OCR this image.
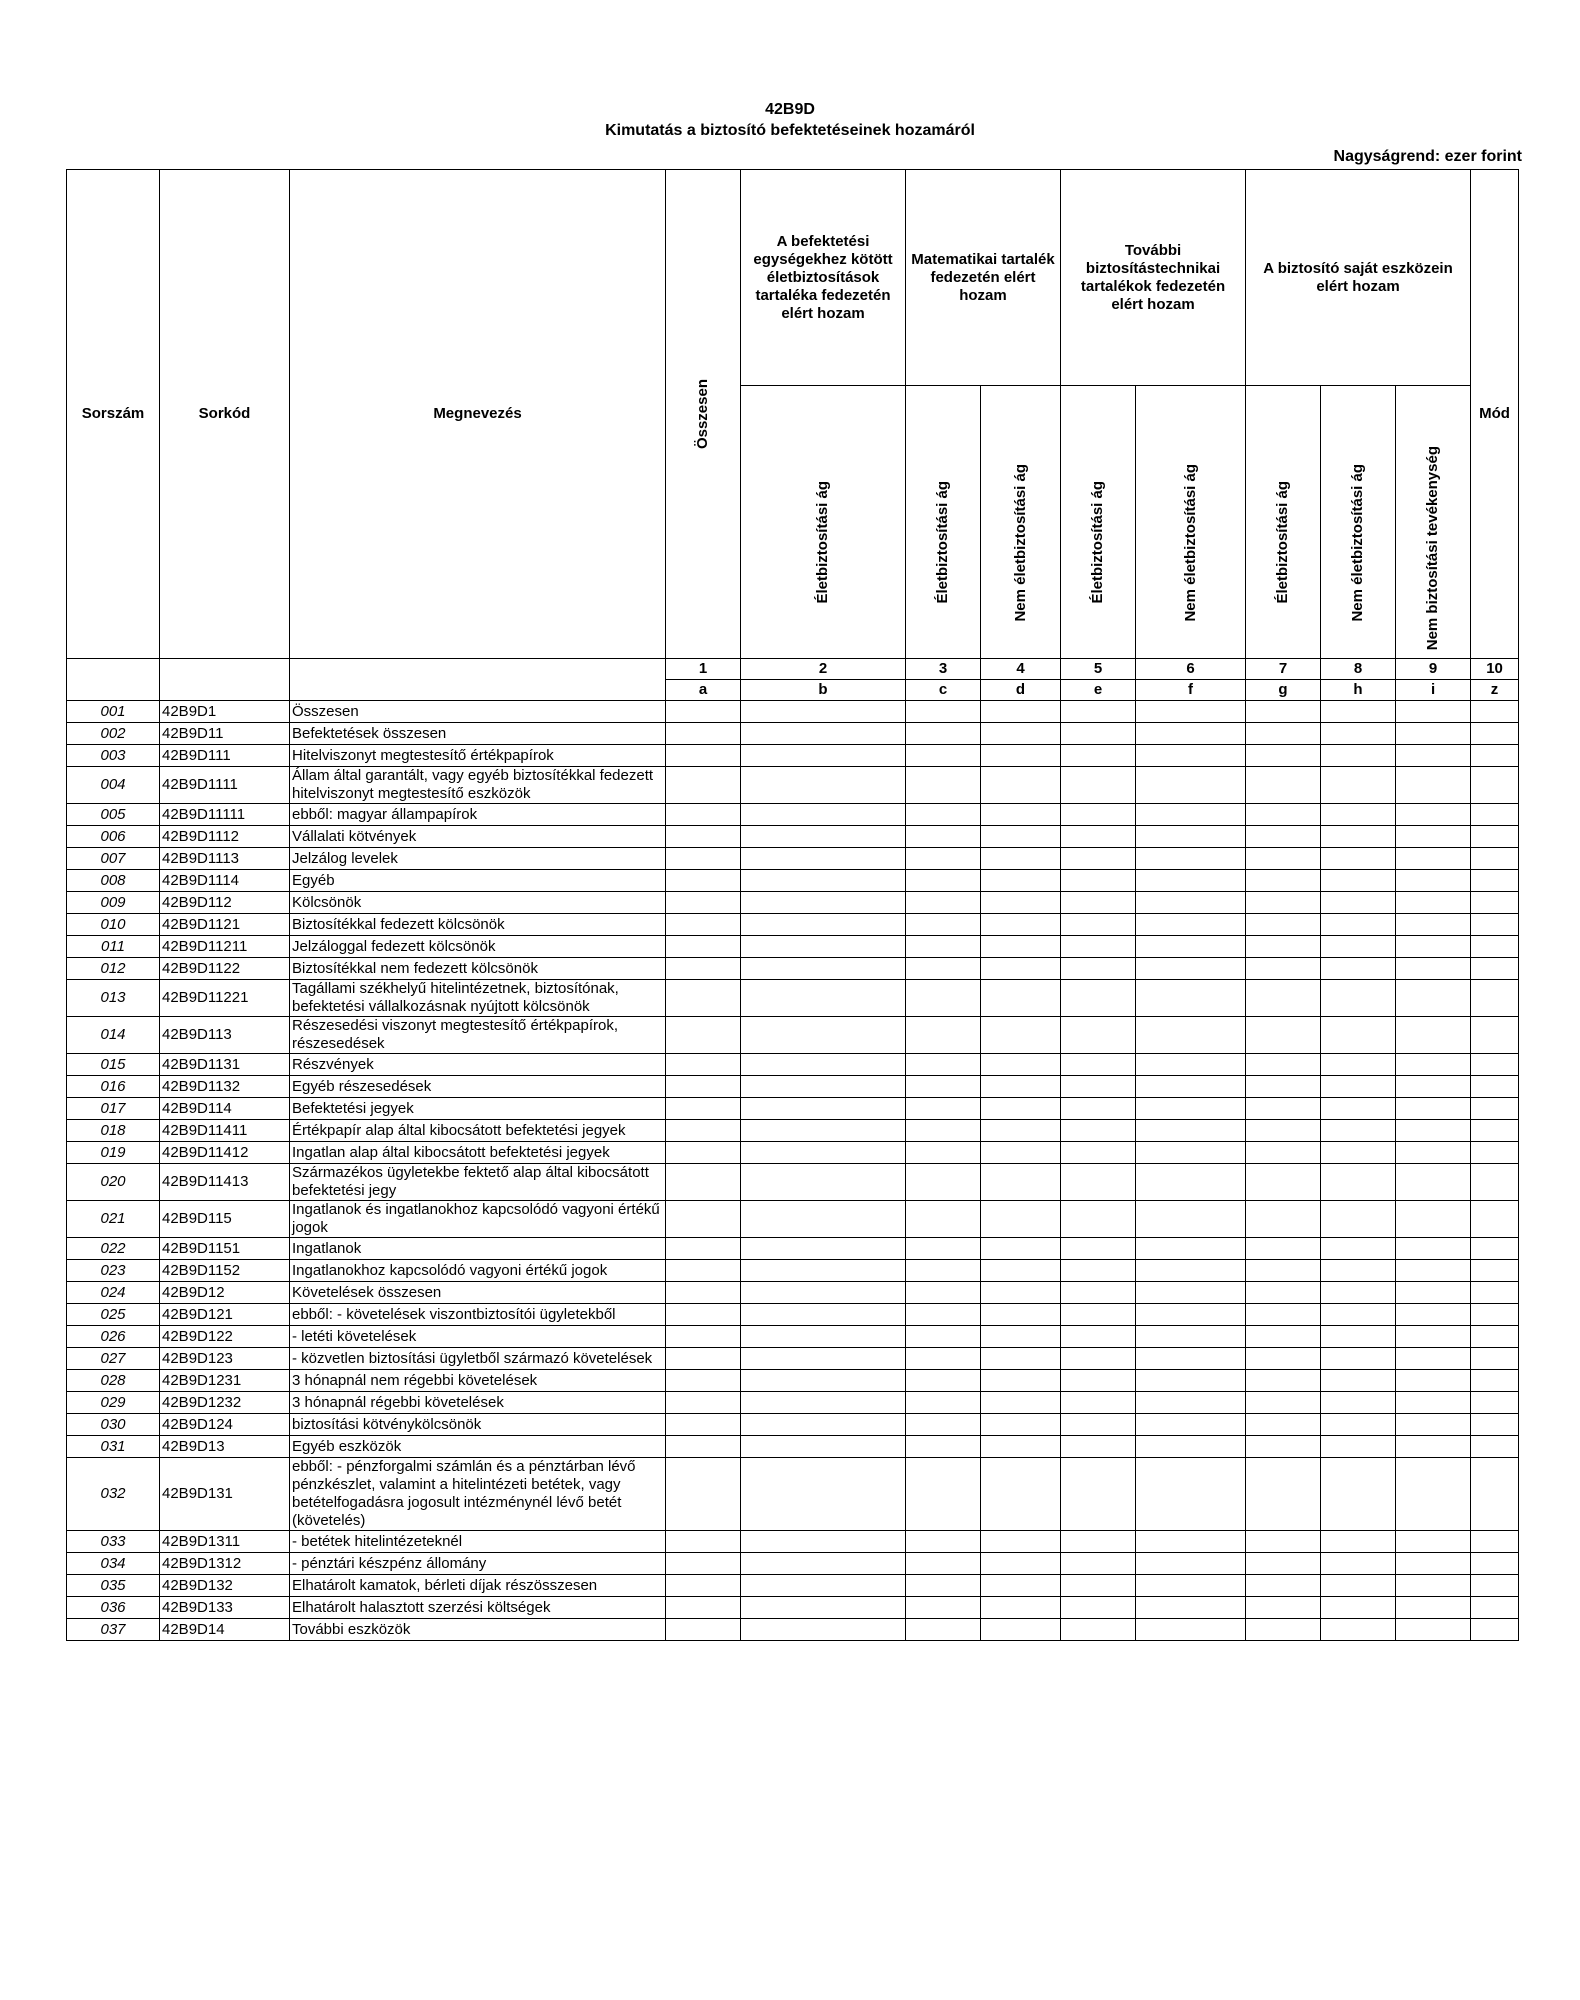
42B9D
Kimutatás a biztosító befektetéseinek hozamáról
Nagyságrend: ezer forint
Sorszám	Sorkód	Megnevezés	Összesen	A befektetési egységekhez kötött életbiztosítások tartaléka fedezetén elért hozam	Matematikai tartalék fedezetén elért hozam		További biztosítástechnikai tartalékok fedezetén elért hozam		A biztosító saját eszközein elért hozam			Mód

				Életbiztosítási ág	Életbiztosítási ág	Nem életbiztosítási ág	Életbiztosítási ág	Nem életbiztosítási ág	Életbiztosítási ág	Nem életbiztosítási ág	Nem biztosítási tevékenység	

			1	2	3	4	5	6	7	8	9	10
			a	b	c	d	e	f	g	h	i	z
001	42B9D1	Összesen										
002	42B9D11	Befektetések összesen										
003	42B9D111	Hitelviszonyt megtestesítő értékpapírok										
004	42B9D1111	Állam által garantált, vagy egyéb biztosítékkal fedezett hitelviszonyt megtestesítő eszközök										
005	42B9D11111	ebből: magyar állampapírok										
006	42B9D1112	Vállalati kötvények										
007	42B9D1113	Jelzálog levelek										
008	42B9D1114	Egyéb										
009	42B9D112	Kölcsönök										
010	42B9D1121	Biztosítékkal fedezett kölcsönök										
011	42B9D11211	Jelzáloggal fedezett kölcsönök										
012	42B9D1122	Biztosítékkal nem fedezett kölcsönök										
013	42B9D11221	Tagállami székhelyű hitelintézetnek, biztosítónak, befektetési vállalkozásnak nyújtott kölcsönök										
014	42B9D113	Részesedési viszonyt megtestesítő értékpapírok, részesedések										
015	42B9D1131	Részvények										
016	42B9D1132	Egyéb részesedések										
017	42B9D114	Befektetési jegyek										
018	42B9D11411	Értékpapír alap által kibocsátott befektetési jegyek										
019	42B9D11412	Ingatlan alap által kibocsátott befektetési jegyek										
020	42B9D11413	Származékos ügyletekbe fektető alap által kibocsátott befektetési jegy										
021	42B9D115	Ingatlanok és ingatlanokhoz kapcsolódó vagyoni értékű jogok										
022	42B9D1151	Ingatlanok										
023	42B9D1152	Ingatlanokhoz kapcsolódó vagyoni értékű jogok										
024	42B9D12	Követelések összesen										
025	42B9D121	ebből: - követelések viszontbiztosítói ügyletekből										
026	42B9D122	- letéti követelések										
027	42B9D123	- közvetlen biztosítási ügyletből származó követelések										
028	42B9D1231	3 hónapnál nem régebbi követelések										
029	42B9D1232	3 hónapnál régebbi követelések										
030	42B9D124	biztosítási kötvénykölcsönök										
031	42B9D13	Egyéb eszközök										
032	42B9D131	ebből: - pénzforgalmi számlán és a pénztárban lévő pénzkészlet, valamint a hitelintézeti betétek, vagy betételfogadásra jogosult intézménynél lévő betét (követelés)										
033	42B9D1311	- betétek hitelintézeteknél										
034	42B9D1312	- pénztári készpénz állomány										
035	42B9D132	Elhatárolt kamatok, bérleti díjak részösszesen										
036	42B9D133	Elhatárolt halasztott szerzési költségek										
037	42B9D14	További eszközök										
